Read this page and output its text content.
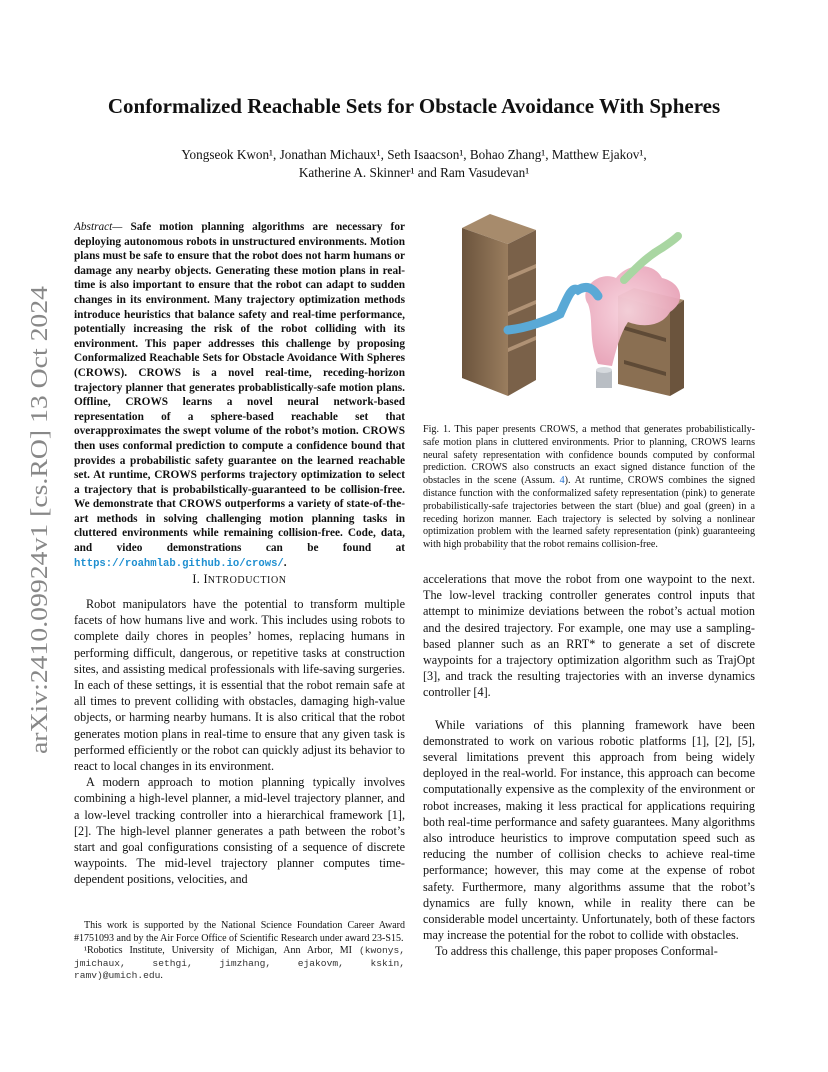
arXiv:2410.09924v1 [cs.RO] 13 Oct 2024
Conformalized Reachable Sets for Obstacle Avoidance With Spheres
Yongseok Kwon¹, Jonathan Michaux¹, Seth Isaacson¹, Bohao Zhang¹, Matthew Ejakov¹,
Katherine A. Skinner¹ and Ram Vasudevan¹
Abstract— Safe motion planning algorithms are necessary for deploying autonomous robots in unstructured environments. Motion plans must be safe to ensure that the robot does not harm humans or damage any nearby objects. Generating these motion plans in real-time is also important to ensure that the robot can adapt to sudden changes in its environment. Many trajectory optimization methods introduce heuristics that balance safety and real-time performance, potentially increasing the risk of the robot colliding with its environment. This paper addresses this challenge by proposing Conformalized Reachable Sets for Obstacle Avoidance With Spheres (CROWS). CROWS is a novel real-time, receding-horizon trajectory planner that generates probablistically-safe motion plans. Offline, CROWS learns a novel neural network-based representation of a sphere-based reachable set that overapproximates the swept volume of the robot’s motion. CROWS then uses conformal prediction to compute a confidence bound that provides a probabilistic safety guarantee on the learned reachable set. At runtime, CROWS performs trajectory optimization to select a trajectory that is probabilstically-guaranteed to be collision-free. We demonstrate that CROWS outperforms a variety of state-of-the-art methods in solving challenging motion planning tasks in cluttered environments while remaining collision-free. Code, data, and video demonstrations can be found at https://roahmlab.github.io/crows/.
I. INTRODUCTION

Robot manipulators have the potential to transform multiple facets of how humans live and work. This includes using robots to complete daily chores in peoples’ homes, replacing humans in performing difficult, dangerous, or repetitive tasks at construction sites, and assisting medical professionals with life-saving surgeries. In each of these settings, it is essential that the robot remain safe at all times to prevent colliding with obstacles, damaging high-value objects, or harming nearby humans. It is also critical that the robot generates motion plans in real-time to ensure that any given task is performed efficiently or the robot can quickly adjust its behavior to react to local changes in its environment.

A modern approach to motion planning typically involves combining a high-level planner, a mid-level trajectory planner, and a low-level tracking controller into a hierarchical framework [1], [2]. The high-level planner generates a path between the robot’s start and goal configurations consisting of a sequence of discrete waypoints. The mid-level trajectory planner computes time-dependent positions, velocities, and

This work is supported by the National Science Foundation Career Award #1751093 and by the Air Force Office of Scientific Research under award 23-S15.

¹Robotics Institute, University of Michigan, Ann Arbor, MI (kwonys, jmichaux, sethgi, jimzhang, ejakovm, kskin, ramv)@umich.edu.

Fig. 1. This paper presents CROWS, a method that generates probabilistically-safe motion plans in cluttered environments. Prior to planning, CROWS learns neural safety representation with confidence bounds computed by conformal prediction. CROWS also constructs an exact signed distance function of the obstacles in the scene (Assum. 4). At runtime, CROWS combines the signed distance function with the conformalized safety representation (pink) to generate probabilistically-safe trajectories between the start (blue) and goal (green) in a receding horizon manner. Each trajectory is selected by solving a nonlinear optimization problem with the learned safety representation (pink) guaranteeing with high probability that the robot remains collision-free.

accelerations that move the robot from one waypoint to the next. The low-level tracking controller generates control inputs that attempt to minimize deviations between the robot’s actual motion and the desired trajectory. For example, one may use a sampling-based planner such as an RRT* to generate a set of discrete waypoints for a trajectory optimization algorithm such as TrajOpt [3], and track the resulting trajectories with an inverse dynamics controller [4].

While variations of this planning framework have been demonstrated to work on various robotic platforms [1], [2], [5], several limitations prevent this approach from being widely deployed in the real-world. For instance, this approach can become computationally expensive as the complexity of the environment or robot increases, making it less practical for applications requiring both real-time performance and safety guarantees. Many algorithms also introduce heuristics to improve computation speed such as reducing the number of collision checks to achieve real-time performance; however, this may come at the expense of robot safety. Furthermore, many algorithms assume that the robot’s dynamics are fully known, while in reality there can be considerable model uncertainty. Unfortunately, both of these factors may increase the potential for the robot to collide with obstacles.

To address this challenge, this paper proposes Conformal-
